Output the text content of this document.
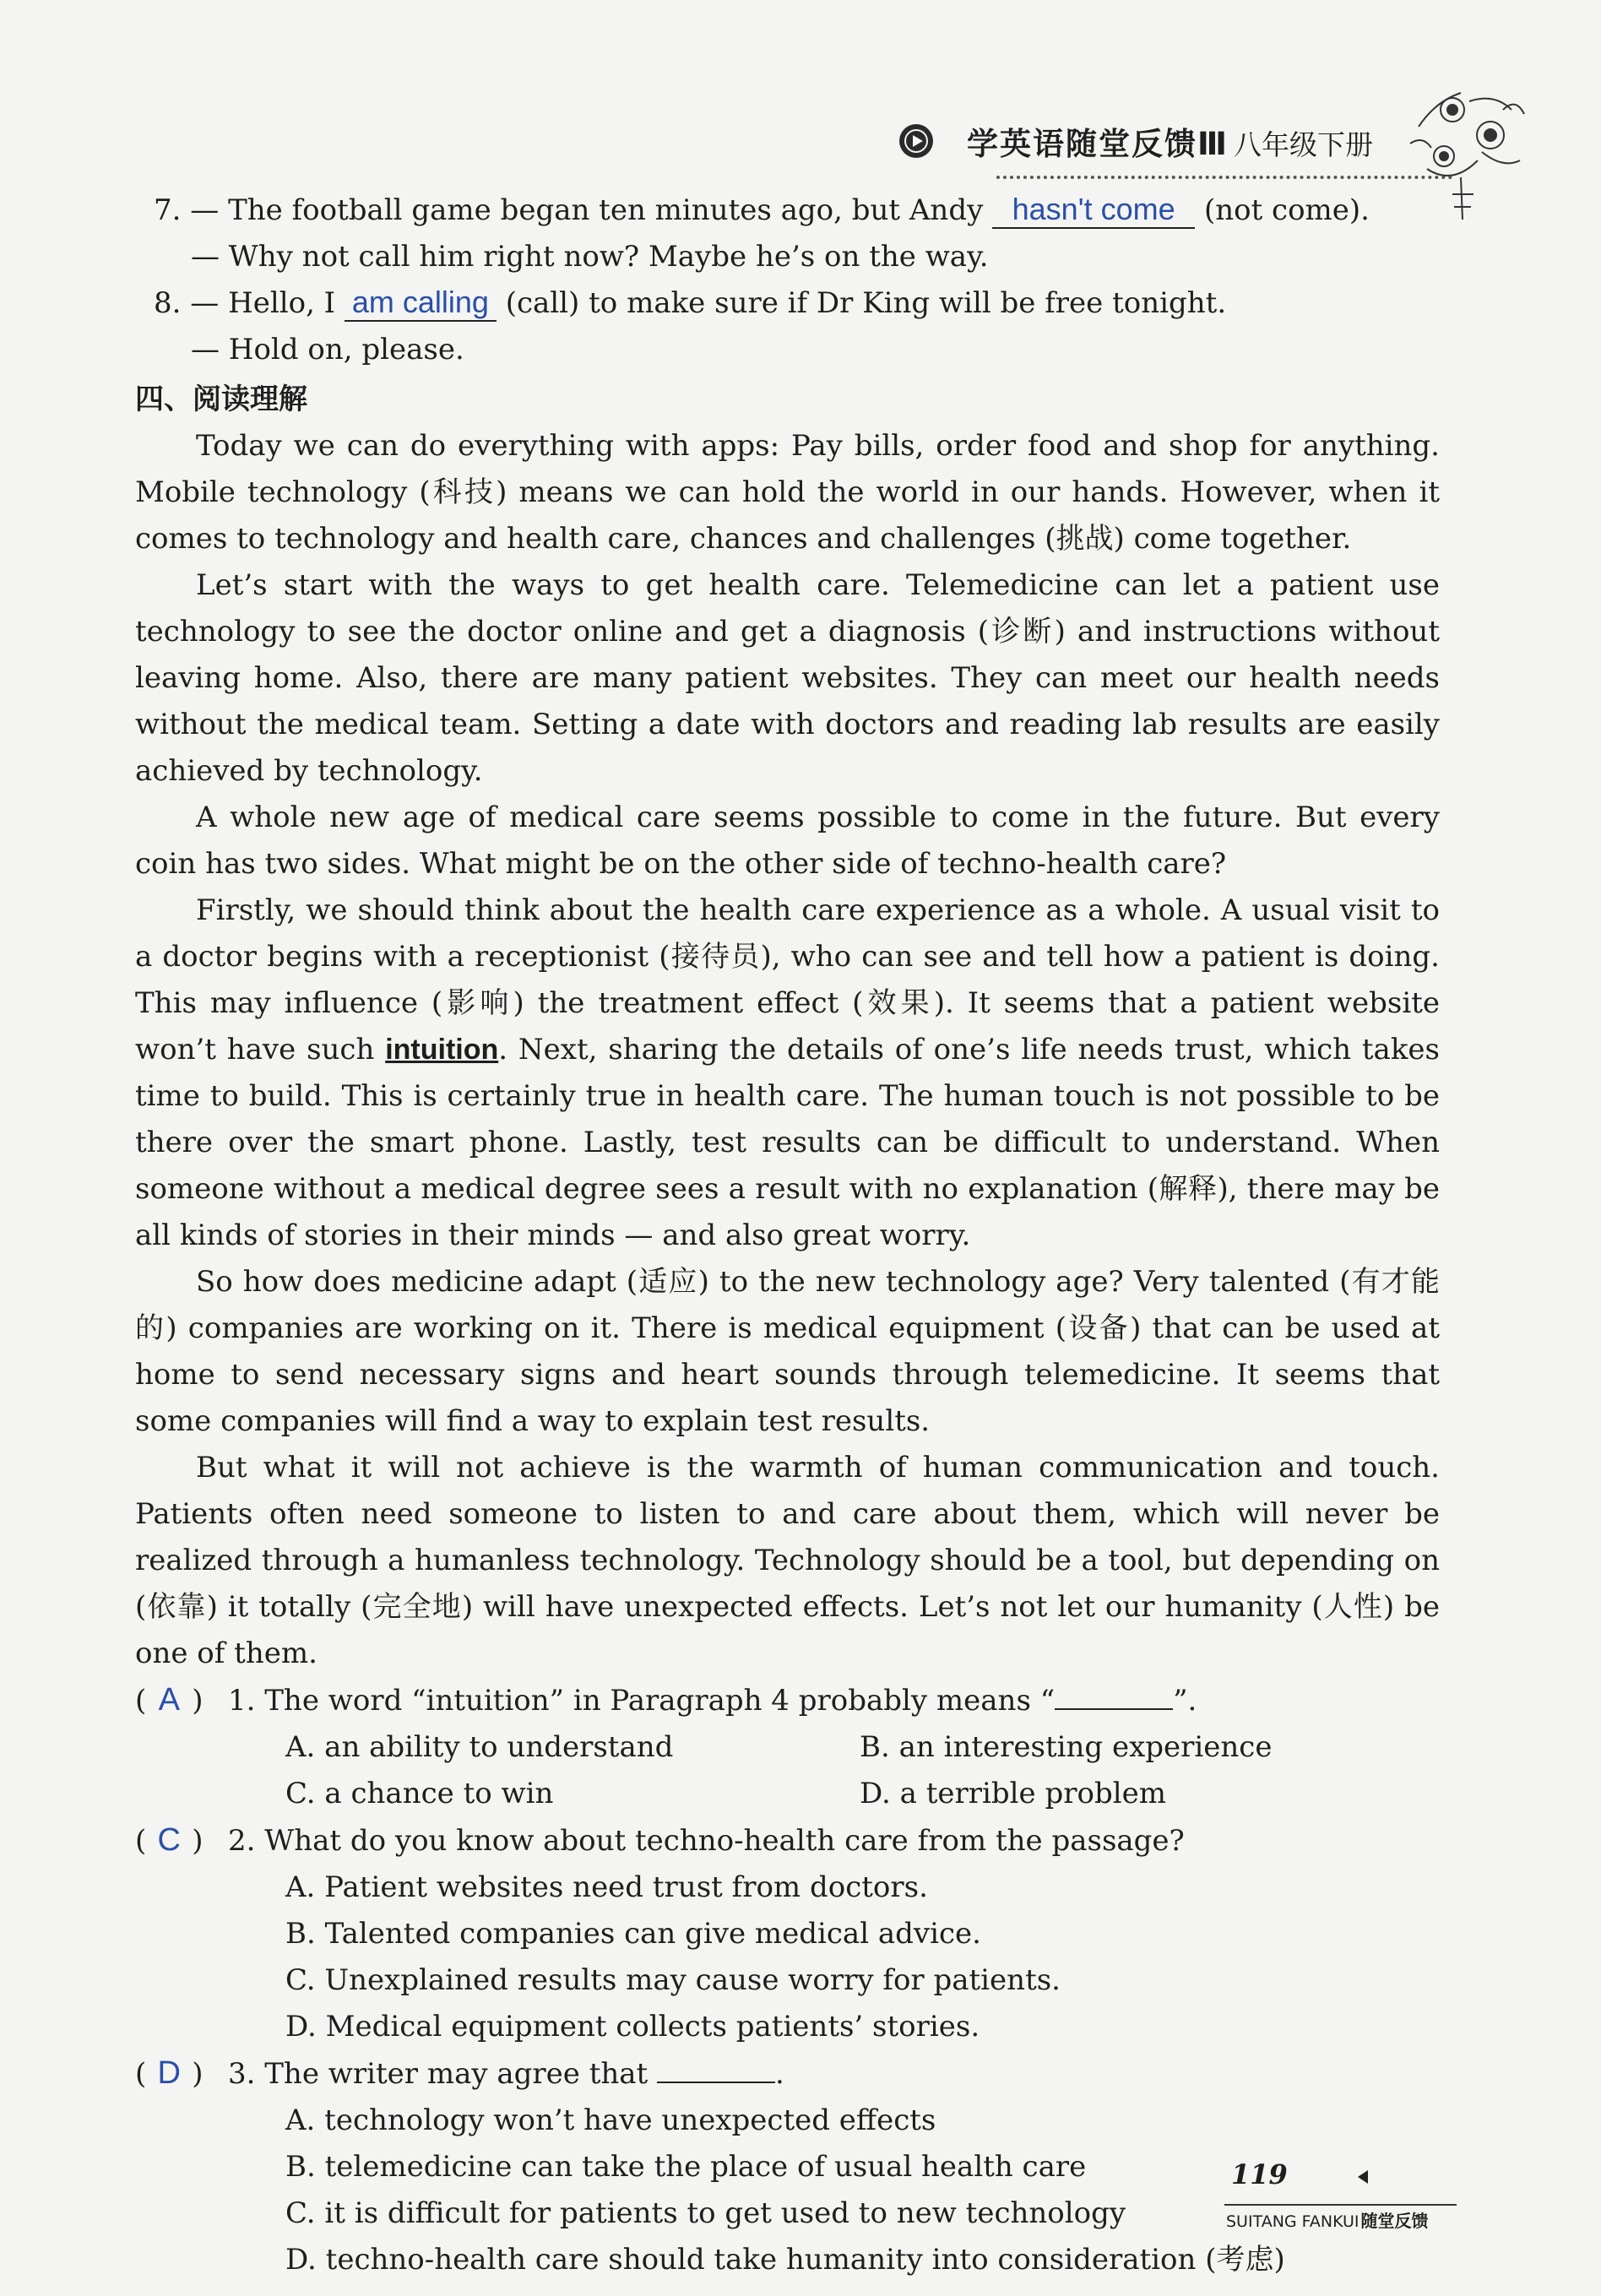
学英语随堂反馈Ⅲ 八年级下册
7. — The football game began ten minutes ago, but Andy hasn't come (not come).
— Why not call him right now? Maybe he’s on the way.
8. — Hello, I am calling (call) to make sure if Dr King will be free tonight.
— Hold on, please.
四、阅读理解

Today we can do everything with apps: Pay bills, order food and shop for anything. Mobile technology (科技) means we can hold the world in our hands. However, when it comes to technology and health care, chances and challenges (挑战) come together.

Let’s start with the ways to get health care. Telemedicine can let a patient use technology to see the doctor online and get a diagnosis (诊断) and instructions without leaving home. Also, there are many patient websites. They can meet our health needs without the medical team. Setting a date with doctors and reading lab results are easily achieved by technology.

A whole new age of medical care seems possible to come in the future. But every coin has two sides. What might be on the other side of techno-health care?

Firstly, we should think about the health care experience as a whole. A usual visit to a doctor begins with a receptionist (接待员), who can see and tell how a patient is doing. This may influence (影响) the treatment effect (效果). It seems that a patient website won’t have such intuition. Next, sharing the details of one’s life needs trust, which takes time to build. This is certainly true in health care. The human touch is not possible to be there over the smart phone. Lastly, test results can be difficult to understand. When someone without a medical degree sees a result with no explanation (解释), there may be all kinds of stories in their minds — and also great worry.

So how does medicine adapt (适应) to the new technology age? Very talented (有才能的) companies are working on it. There is medical equipment (设备) that can be used at home to send necessary signs and heart sounds through telemedicine. It seems that some companies will find a way to explain test results.

But what it will not achieve is the warmth of human communication and touch. Patients often need someone to listen to and care about them, which will never be realized through a humanless technology. Technology should be a tool, but depending on (依靠) it totally (完全地) will have unexpected effects. Let’s not let our humanity (人性) be one of them.

( A ) 1. The word “intuition” in Paragraph 4 probably means “	”.
A. an ability to understand	B. an interesting experience
C. a chance to win	D. a terrible problem
( C ) 2. What do you know about techno-health care from the passage?
A. Patient websites need trust from doctors.
B. Talented companies can give medical advice.
C. Unexplained results may cause worry for patients.
D. Medical equipment collects patients’ stories.
( D ) 3. The writer may agree that	.
A. technology won’t have unexpected effects
B. telemedicine can take the place of usual health care
C. it is difficult for patients to get used to new technology
D. techno-health care should take humanity into consideration (考虑)
119
SUITANG FANKUI 随堂反馈
